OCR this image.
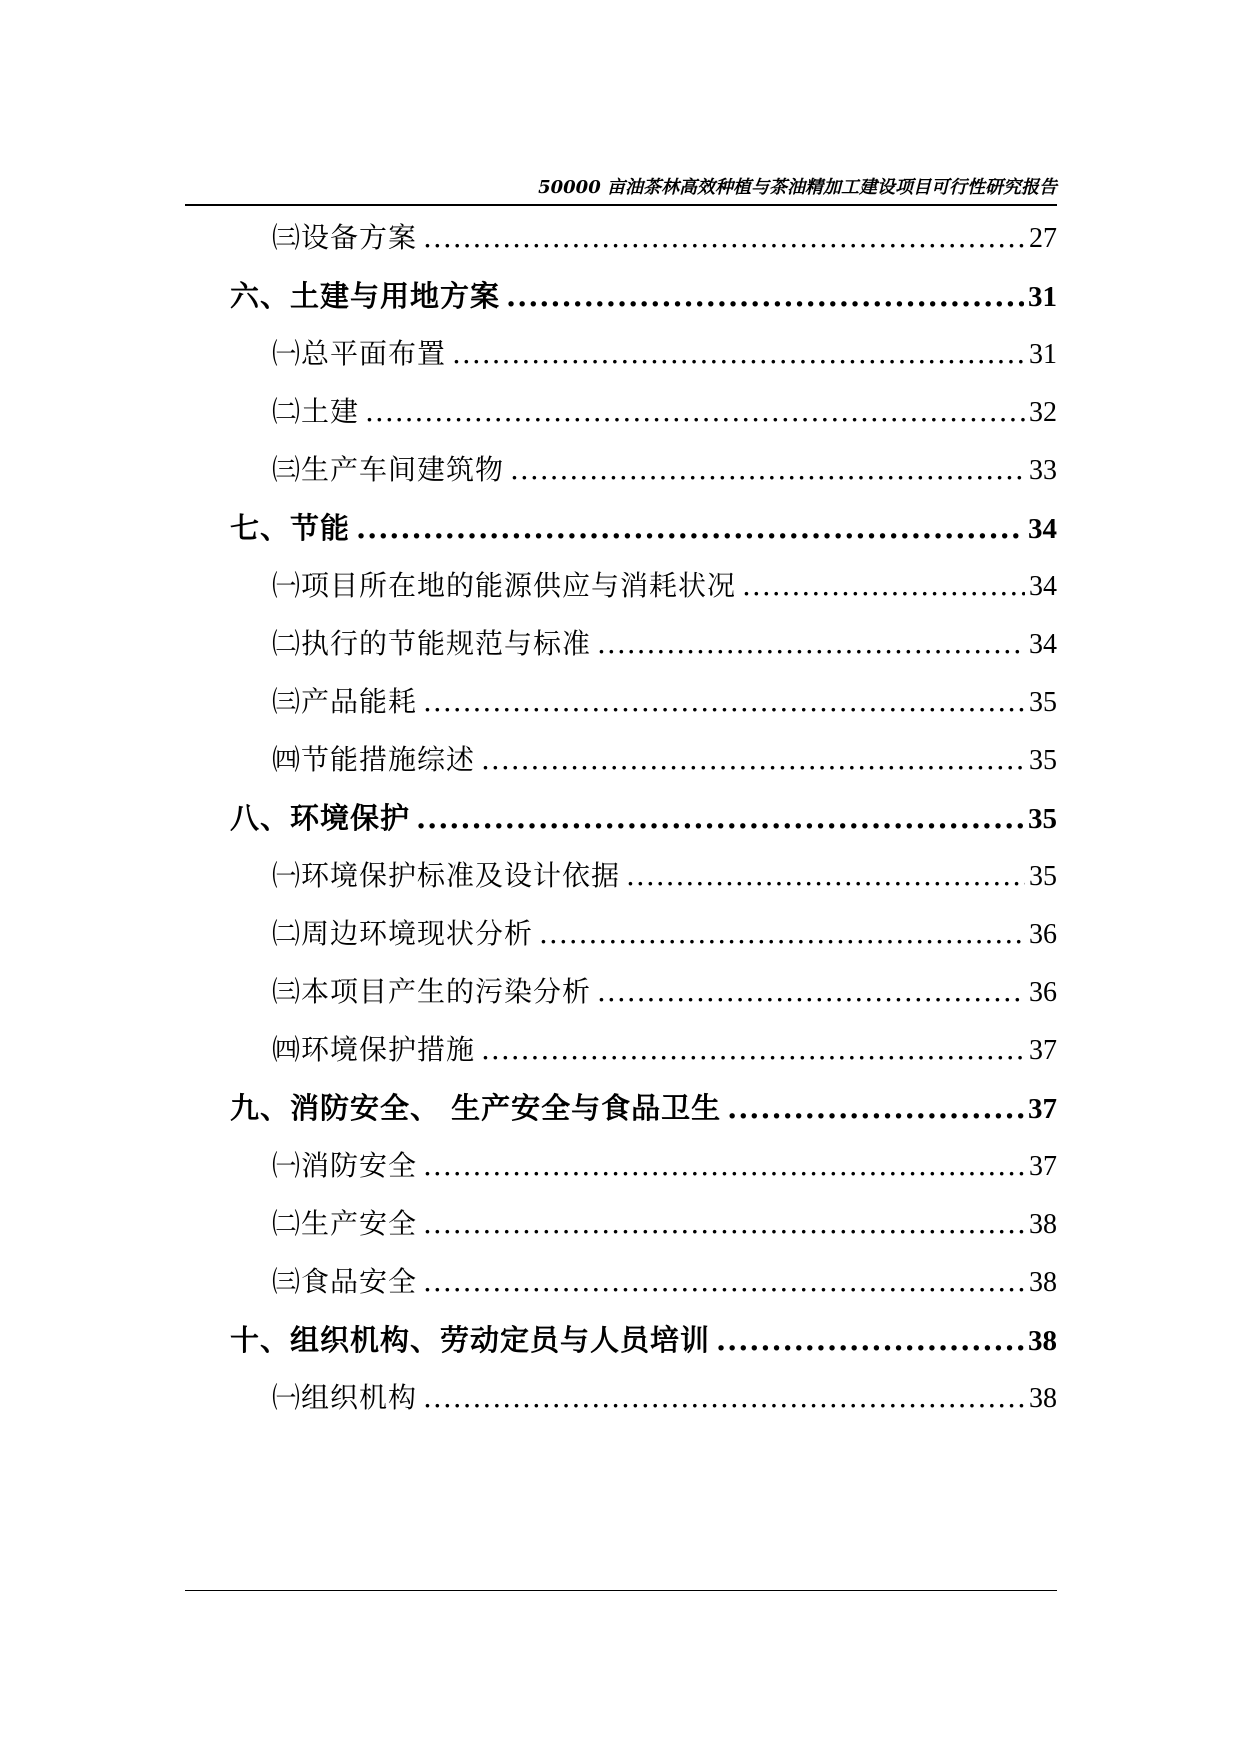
50000 亩油茶林高效种植与茶油精加工建设项目可行性研究报告
㈢设备方案 .....	27
六、土建与用地方案 .....	31
㈠总平面布置 .....	31
㈡土建 .....	32
㈢生产车间建筑物 .....	33
七、节能 .....	34
㈠项目所在地的能源供应与消耗状况 .....	34
㈡执行的节能规范与标准 .....	34
㈢产品能耗 .....	35
㈣节能措施综述 .....	35
八、环境保护 .....	35
㈠环境保护标准及设计依据 .....	35
㈡周边环境现状分析 .....	36
㈢本项目产生的污染分析 .....	36
㈣环境保护措施 .....	37
九、消防安全、 生产安全与食品卫生 .....	37
㈠消防安全 .....	37
㈡生产安全 .....	38
㈢食品安全 .....	38
十、组织机构、劳动定员与人员培训 .....	38
㈠组织机构 .....	38
